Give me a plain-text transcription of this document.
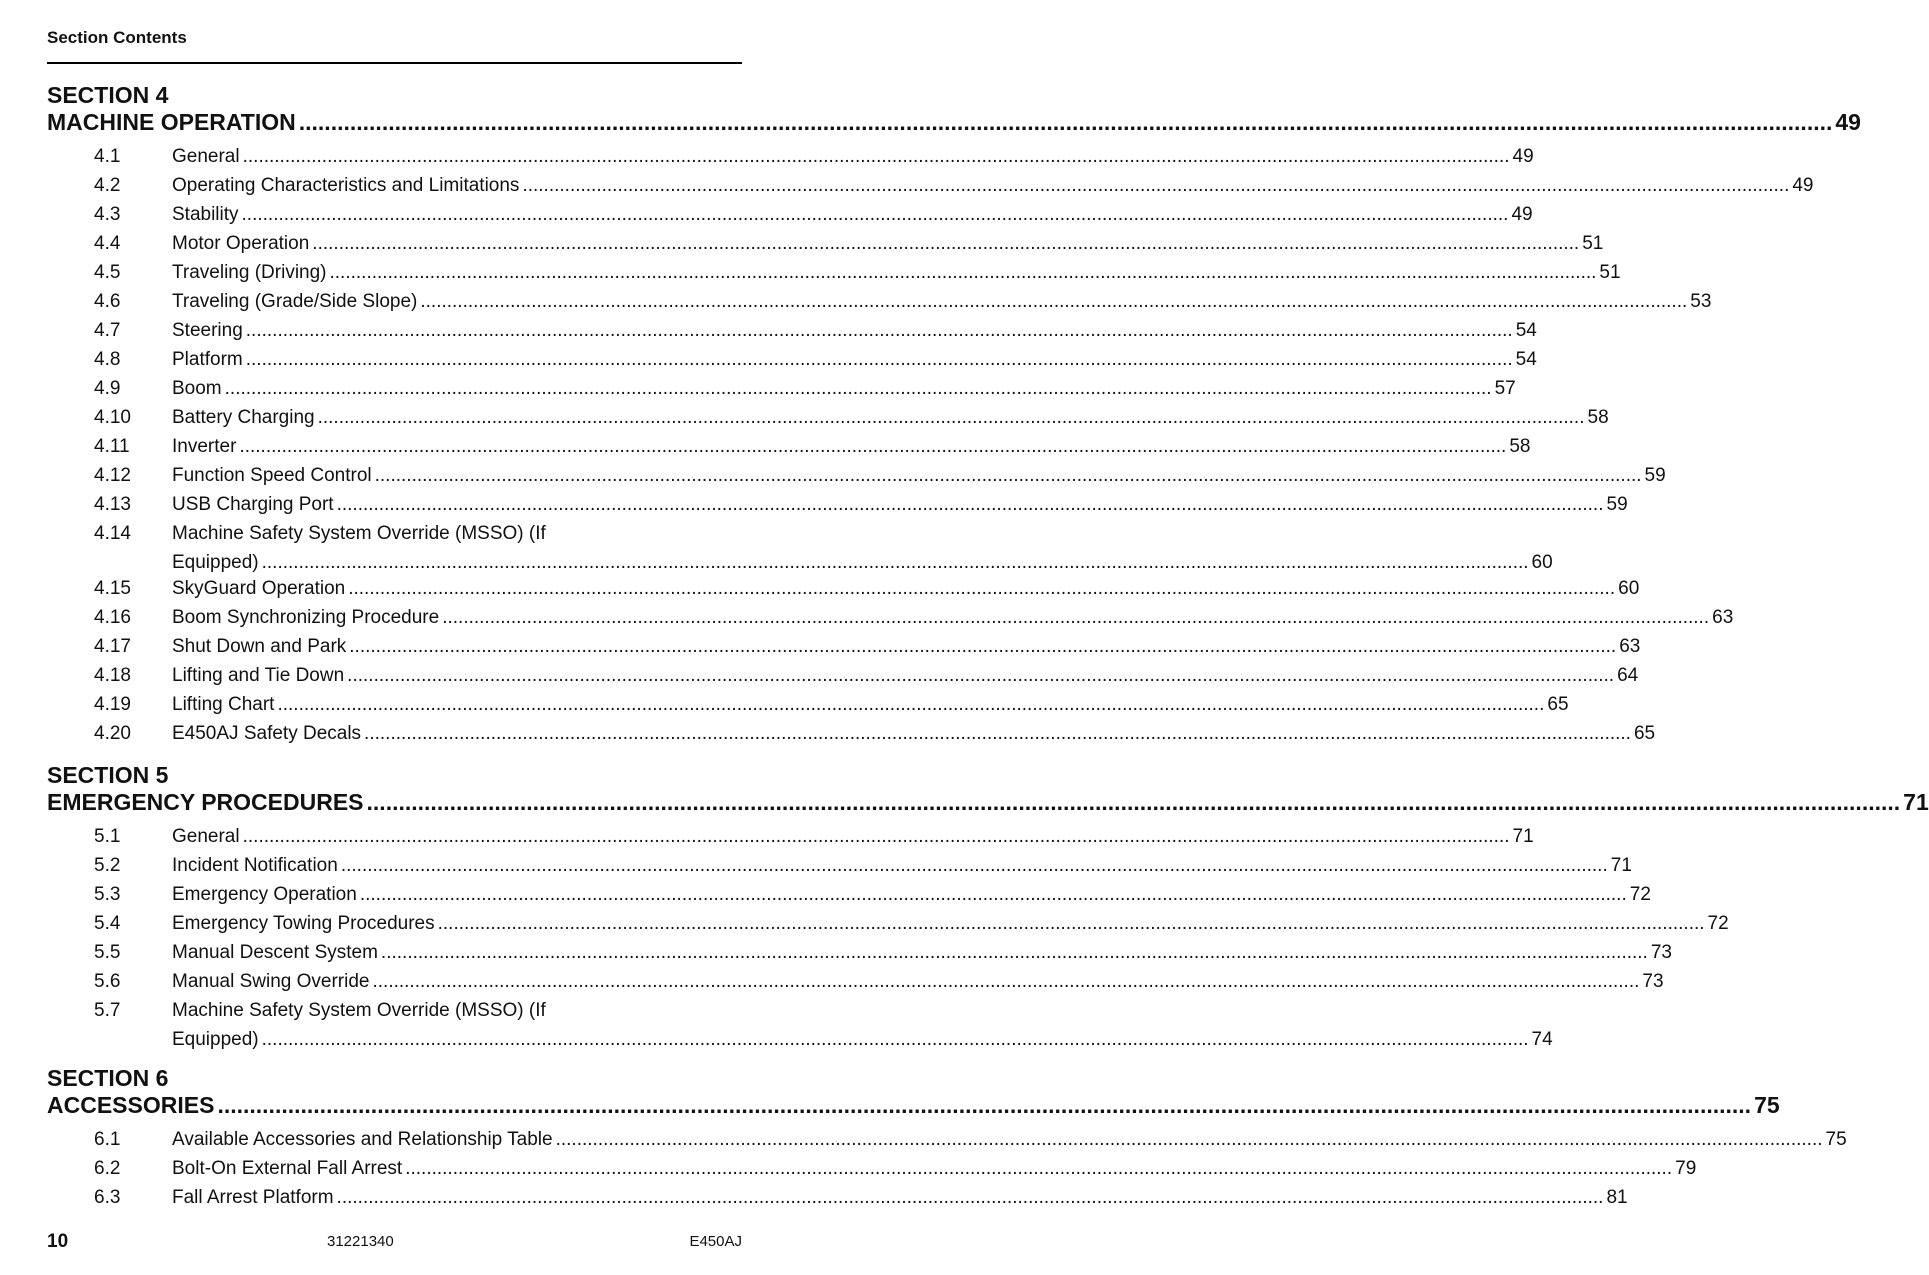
Section Contents
SECTION 4
MACHINE OPERATION .....	49
4.1	General .....	49
4.2	Operating Characteristics and Limitations .....	49
4.3	Stability .....	49
4.4	Motor Operation .....	51
4.5	Traveling (Driving) .....	51
4.6	Traveling (Grade/Side Slope) .....	53
4.7	Steering .....	54
4.8	Platform .....	54
4.9	Boom .....	57
4.10	Battery Charging .....	58
4.11	Inverter .....	58
4.12	Function Speed Control .....	59
4.13	USB Charging Port .....	59
4.14	Machine Safety System Override (MSSO) (If
Equipped) .....	60
4.15	SkyGuard Operation .....	60
4.16	Boom Synchronizing Procedure .....	63
4.17	Shut Down and Park .....	63
4.18	Lifting and Tie Down .....	64
4.19	Lifting Chart .....	65
4.20	E450AJ Safety Decals .....	65
SECTION 5
EMERGENCY PROCEDURES .....	71
5.1	General .....	71
5.2	Incident Notification .....	71
5.3	Emergency Operation .....	72
5.4	Emergency Towing Procedures .....	72
5.5	Manual Descent System .....	73
5.6	Manual Swing Override .....	73
5.7	Machine Safety System Override (MSSO) (If
Equipped) .....	74
SECTION 6
ACCESSORIES .....	75
6.1	Available Accessories and Relationship Table .....	75
6.2	Bolt-On External Fall Arrest .....	79
6.3	Fall Arrest Platform .....	81
10	31221340	E450AJ
